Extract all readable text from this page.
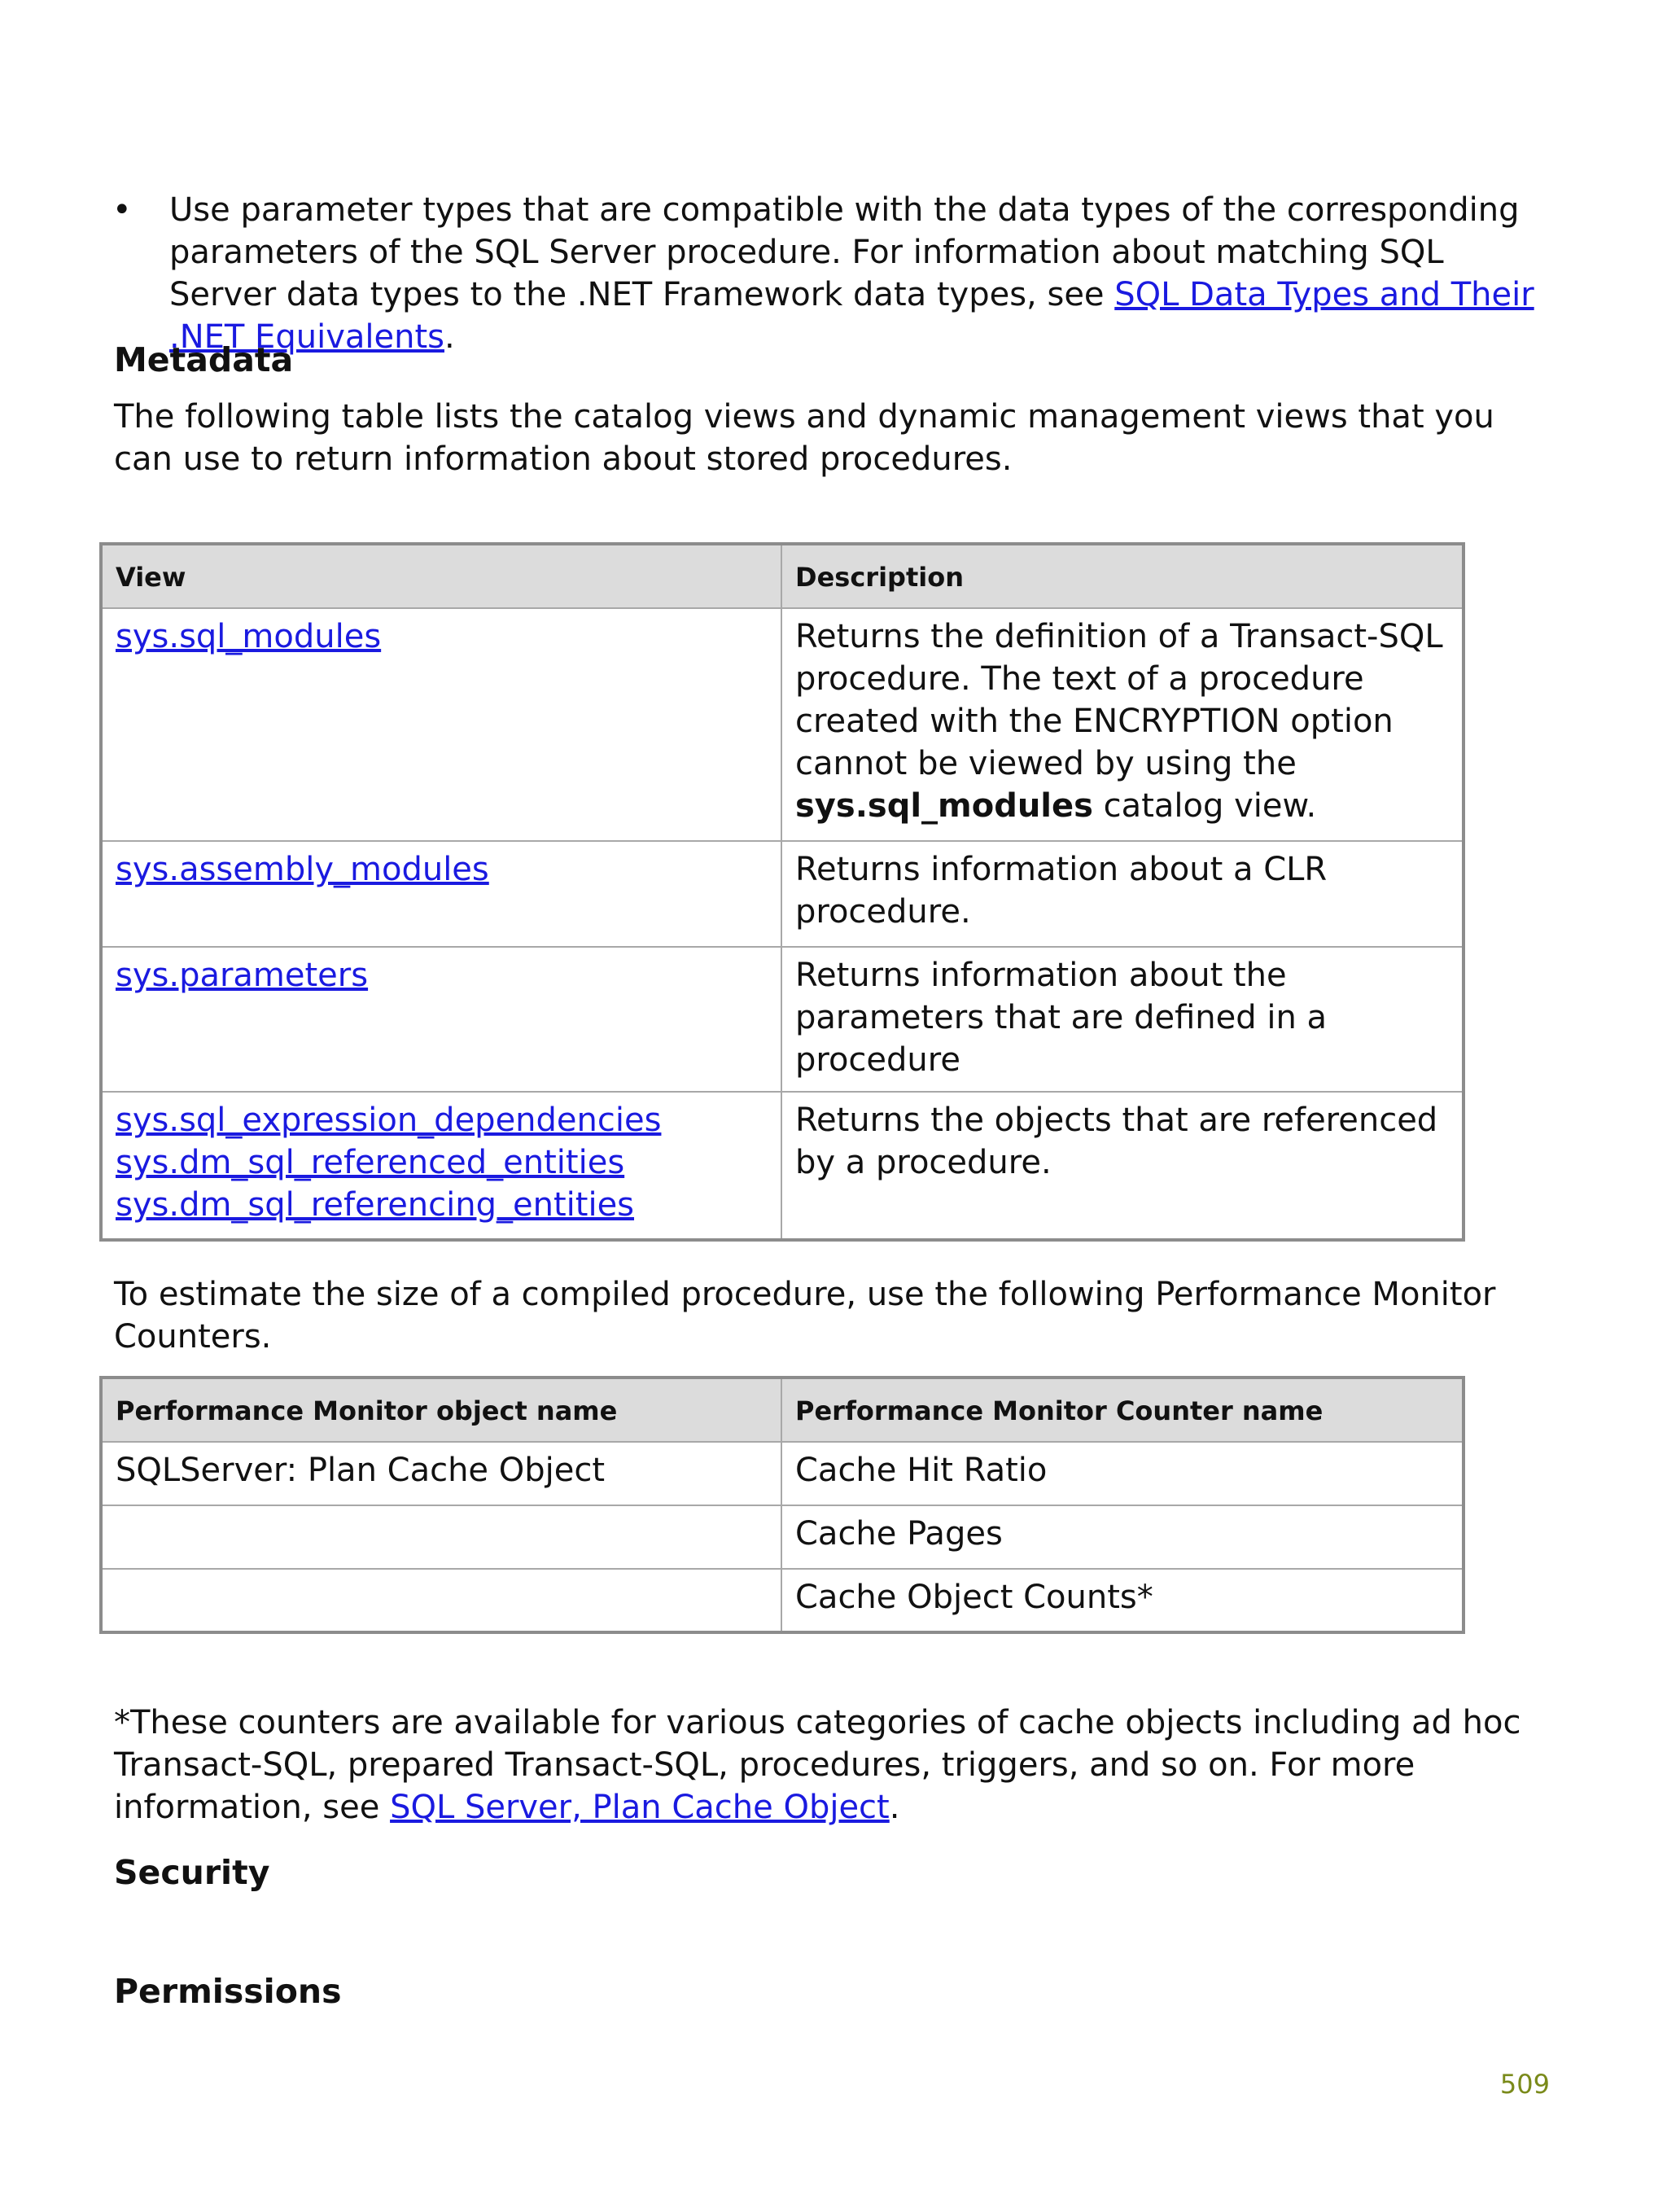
• Use parameter types that are compatible with the data types of the corresponding parameters of the SQL Server procedure. For information about matching SQL Server data types to the .NET Framework data types, see SQL Data Types and Their .NET Equivalents.
Metadata
The following table lists the catalog views and dynamic management views that you can use to return information about stored procedures.
View	Description

sys.sql_modules	Returns the definition of a Transact-SQL procedure. The text of a procedure created with the ENCRYPTION option cannot be viewed by using the sys.sql_modules catalog view.

sys.assembly_modules	Returns information about a CLR procedure.

sys.parameters	Returns information about the parameters that are defined in a procedure

sys.sql_expression_dependencies
sys.dm_sql_referenced_entities
sys.dm_sql_referencing_entities	Returns the objects that are referenced by a procedure.
To estimate the size of a compiled procedure, use the following Performance Monitor Counters.
Performance Monitor object name	Performance Monitor Counter name
SQLServer: Plan Cache Object	Cache Hit Ratio
	Cache Pages
	Cache Object Counts*
*These counters are available for various categories of cache objects including ad hoc Transact-SQL, prepared Transact-SQL, procedures, triggers, and so on. For more information, see SQL Server, Plan Cache Object.
Security
Permissions
509
